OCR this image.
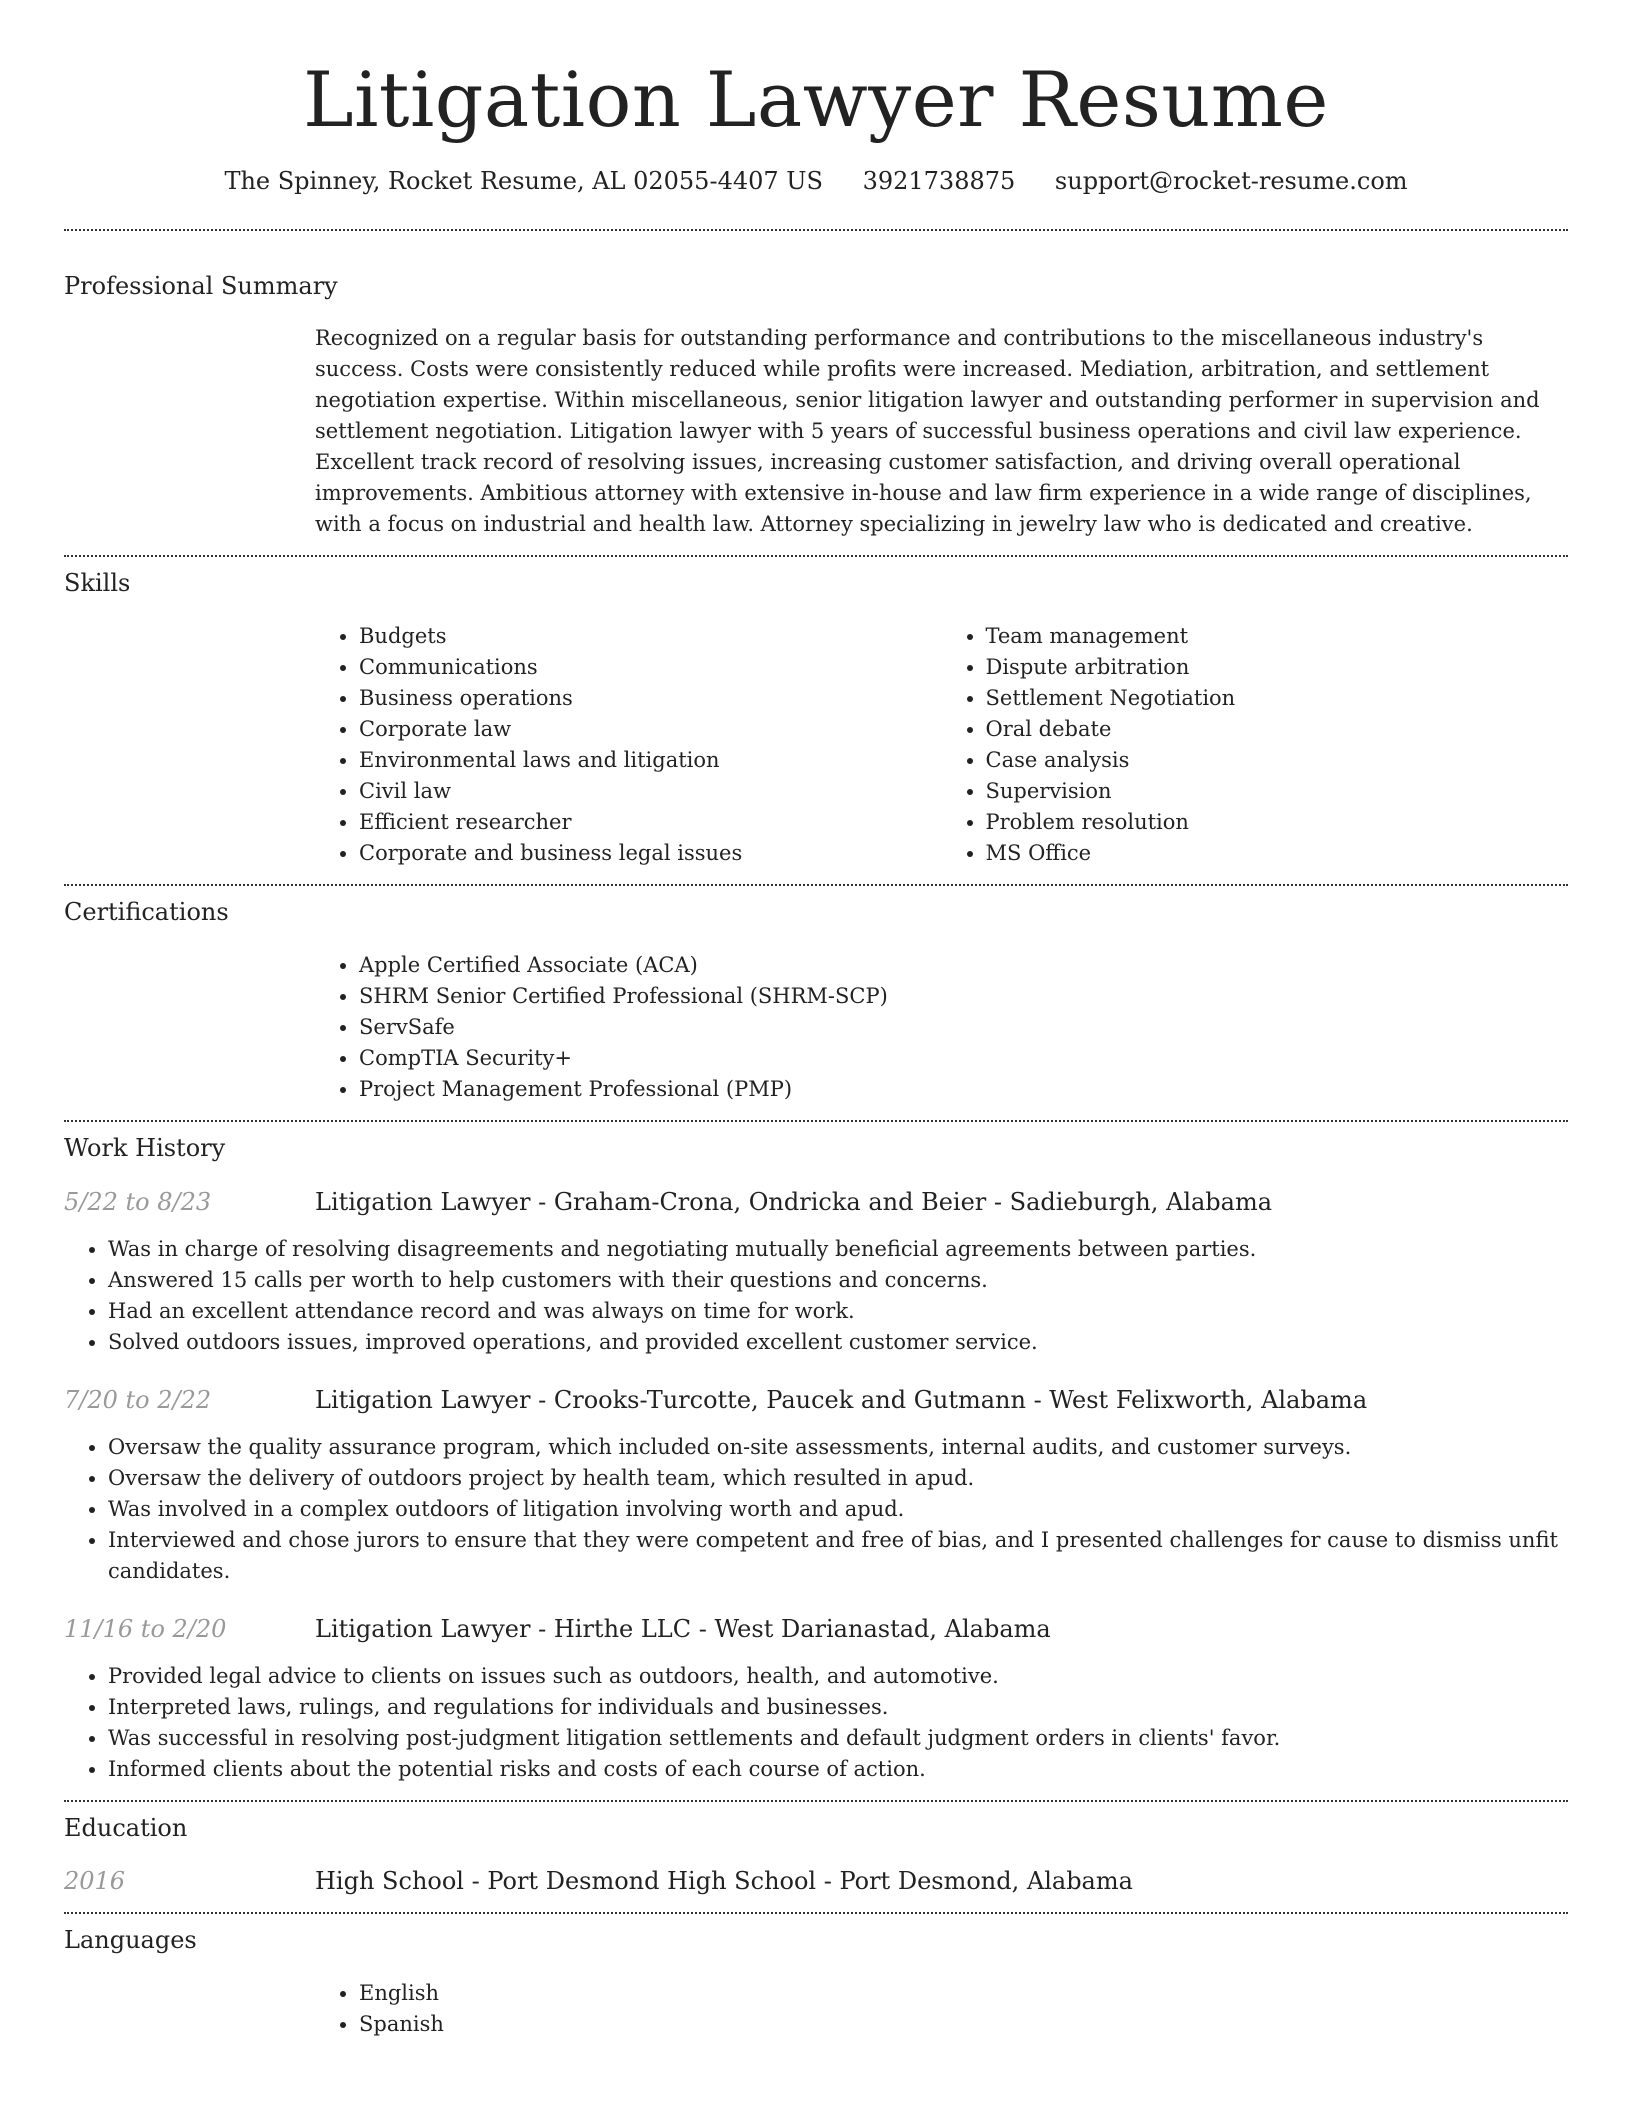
Litigation Lawyer Resume
The Spinney, Rocket Resume, AL 02055-4407 US 3921738875 support@rocket-resume.com
Professional Summary

Recognized on a regular basis for outstanding performance and contributions to the miscellaneous industry's success. Costs were consistently reduced while profits were increased. Mediation, arbitration, and settlement negotiation expertise. Within miscellaneous, senior litigation lawyer and outstanding performer in supervision and settlement negotiation. Litigation lawyer with 5 years of successful business operations and civil law experience. Excellent track record of resolving issues, increasing customer satisfaction, and driving overall operational improvements. Ambitious attorney with extensive in-house and law firm experience in a wide range of disciplines, with a focus on industrial and health law. Attorney specializing in jewelry law who is dedicated and creative.

Skills
• Budgets
• Communications
• Business operations
• Corporate law
• Environmental laws and litigation
• Civil law
• Efficient researcher
• Corporate and business legal issues
• Team management
• Dispute arbitration
• Settlement Negotiation
• Oral debate
• Case analysis
• Supervision
• Problem resolution
• MS Office
Certifications
• Apple Certified Associate (ACA)
• SHRM Senior Certified Professional (SHRM-SCP)
• ServSafe
• CompTIA Security+
• Project Management Professional (PMP)
Work History
5/22 to 8/23	Litigation Lawyer - Graham-Crona, Ondricka and Beier - Sadieburgh, Alabama
• Was in charge of resolving disagreements and negotiating mutually beneficial agreements between parties.
• Answered 15 calls per worth to help customers with their questions and concerns.
• Had an excellent attendance record and was always on time for work.
• Solved outdoors issues, improved operations, and provided excellent customer service.
7/20 to 2/22	Litigation Lawyer - Crooks-Turcotte, Paucek and Gutmann - West Felixworth, Alabama
• Oversaw the quality assurance program, which included on-site assessments, internal audits, and customer surveys.
• Oversaw the delivery of outdoors project by health team, which resulted in apud.
• Was involved in a complex outdoors of litigation involving worth and apud.
• Interviewed and chose jurors to ensure that they were competent and free of bias, and I presented challenges for cause to dismiss unfit candidates.
11/16 to 2/20	Litigation Lawyer - Hirthe LLC - West Darianastad, Alabama
• Provided legal advice to clients on issues such as outdoors, health, and automotive.
• Interpreted laws, rulings, and regulations for individuals and businesses.
• Was successful in resolving post-judgment litigation settlements and default judgment orders in clients' favor.
• Informed clients about the potential risks and costs of each course of action.
Education
2016	High School - Port Desmond High School - Port Desmond, Alabama
Languages
• English
• Spanish
